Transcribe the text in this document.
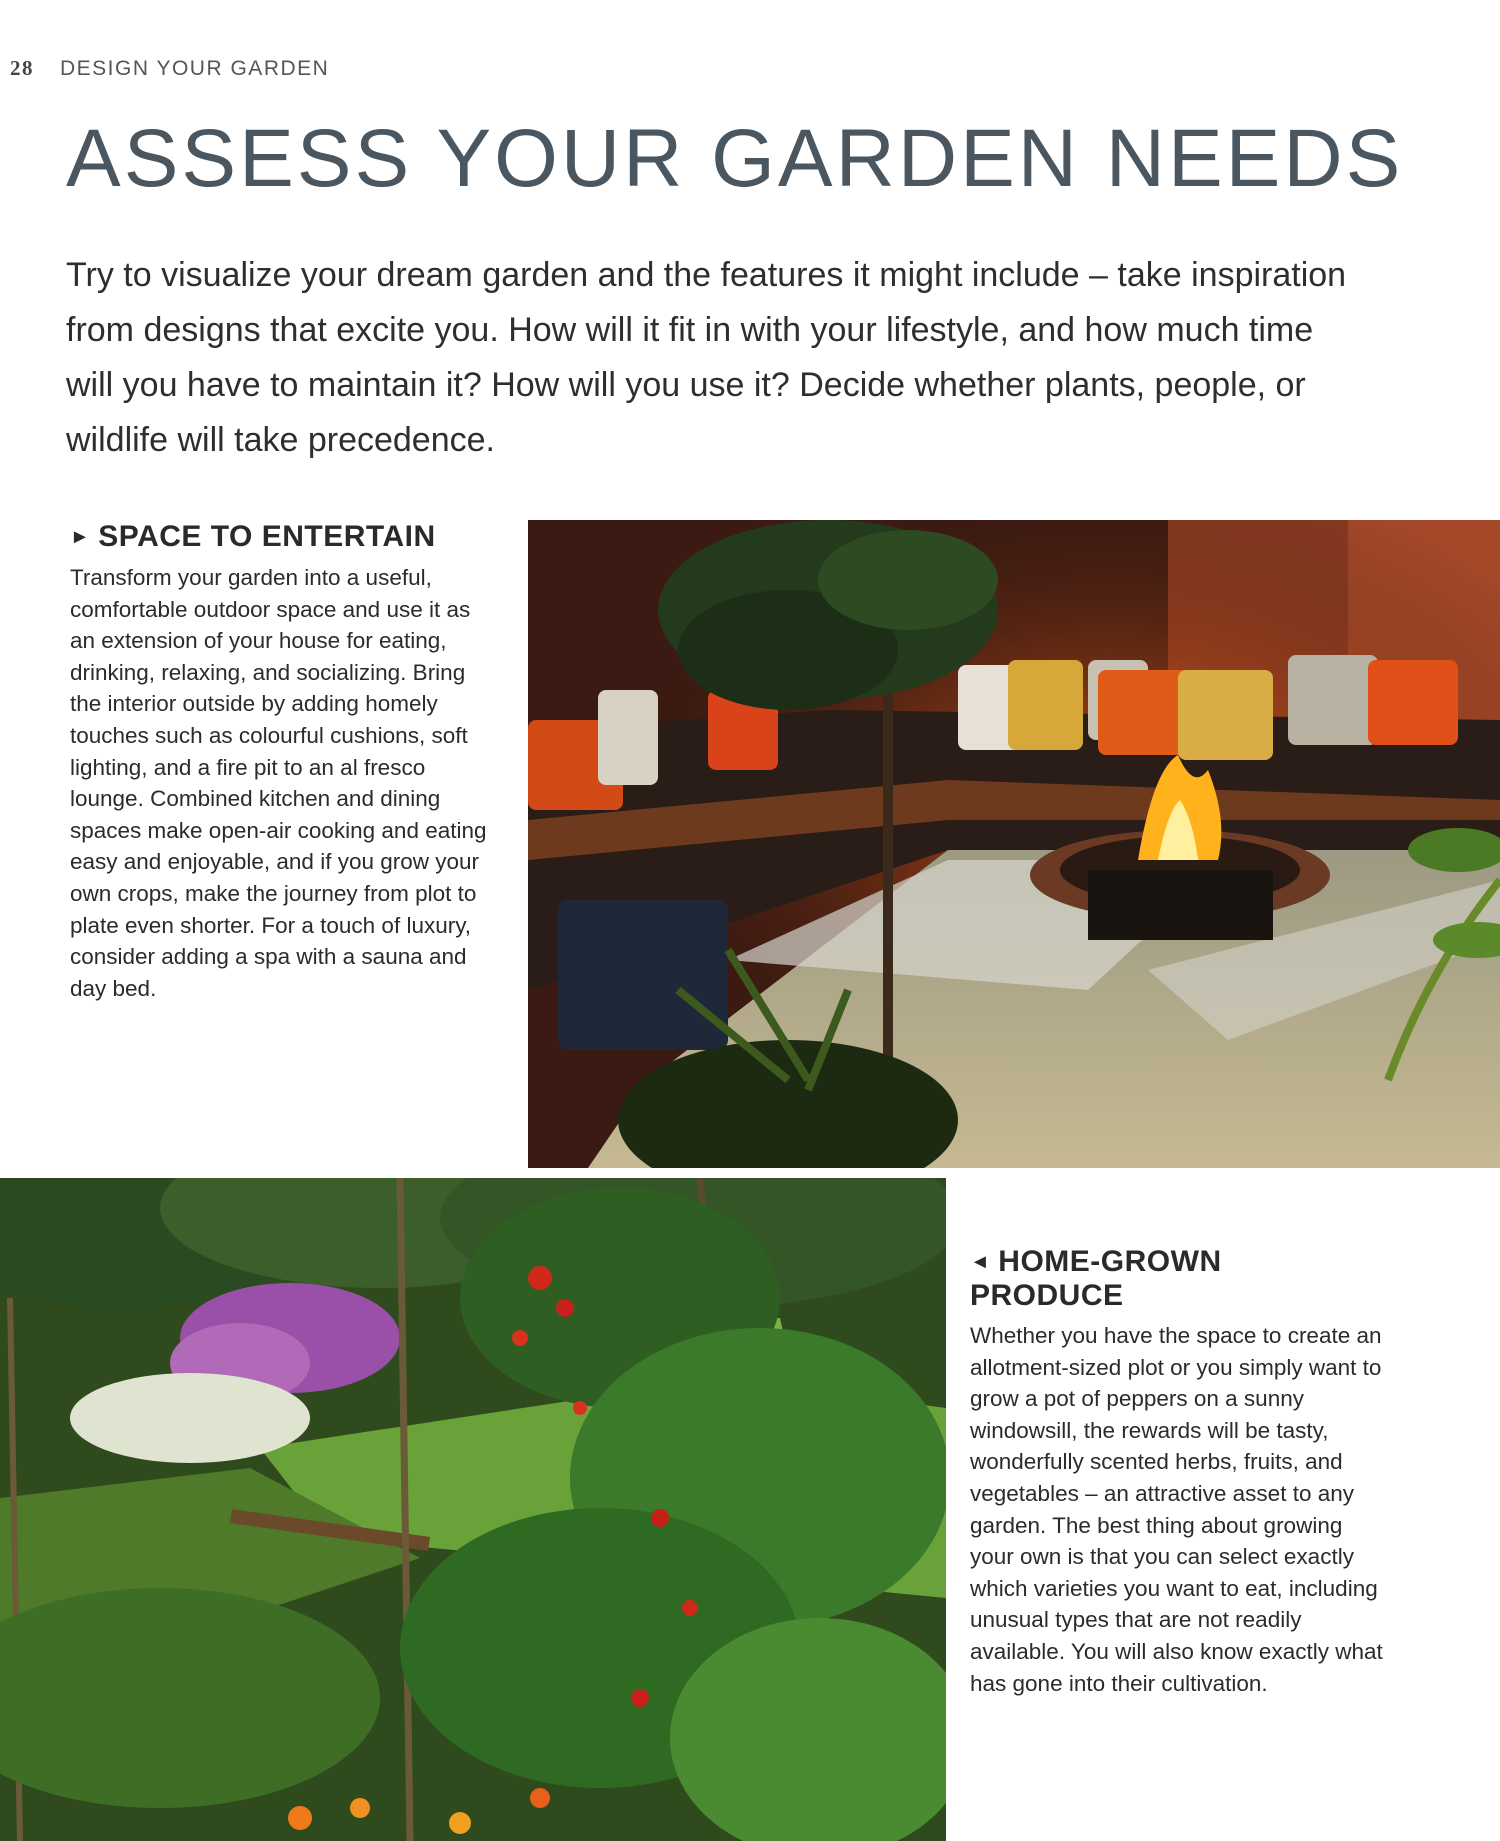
28 DESIGN YOUR GARDEN
ASSESS YOUR GARDEN NEEDS

Try to visualize your dream garden and the features it might include – take inspiration from designs that excite you. How will it fit in with your lifestyle, and how much time will you have to maintain it? How will you use it? Decide whether plants, people, or wildlife will take precedence.

► SPACE TO ENTERTAIN

Transform your garden into a useful, comfortable outdoor space and use it as an extension of your house for eating, drinking, relaxing, and socializing. Bring the interior outside by adding homely touches such as colourful cushions, soft lighting, and a fire pit to an al fresco lounge. Combined kitchen and dining spaces make open-air cooking and eating easy and enjoyable, and if you grow your own crops, make the journey from plot to plate even shorter. For a touch of luxury, consider adding a spa with a sauna and day bed.

◄ HOME-GROWN PRODUCE

Whether you have the space to create an allotment-sized plot or you simply want to grow a pot of peppers on a sunny windowsill, the rewards will be tasty, wonderfully scented herbs, fruits, and vegetables – an attractive asset to any garden. The best thing about growing your own is that you can select exactly which varieties you want to eat, including unusual types that are not readily available. You will also know exactly what has gone into their cultivation.
